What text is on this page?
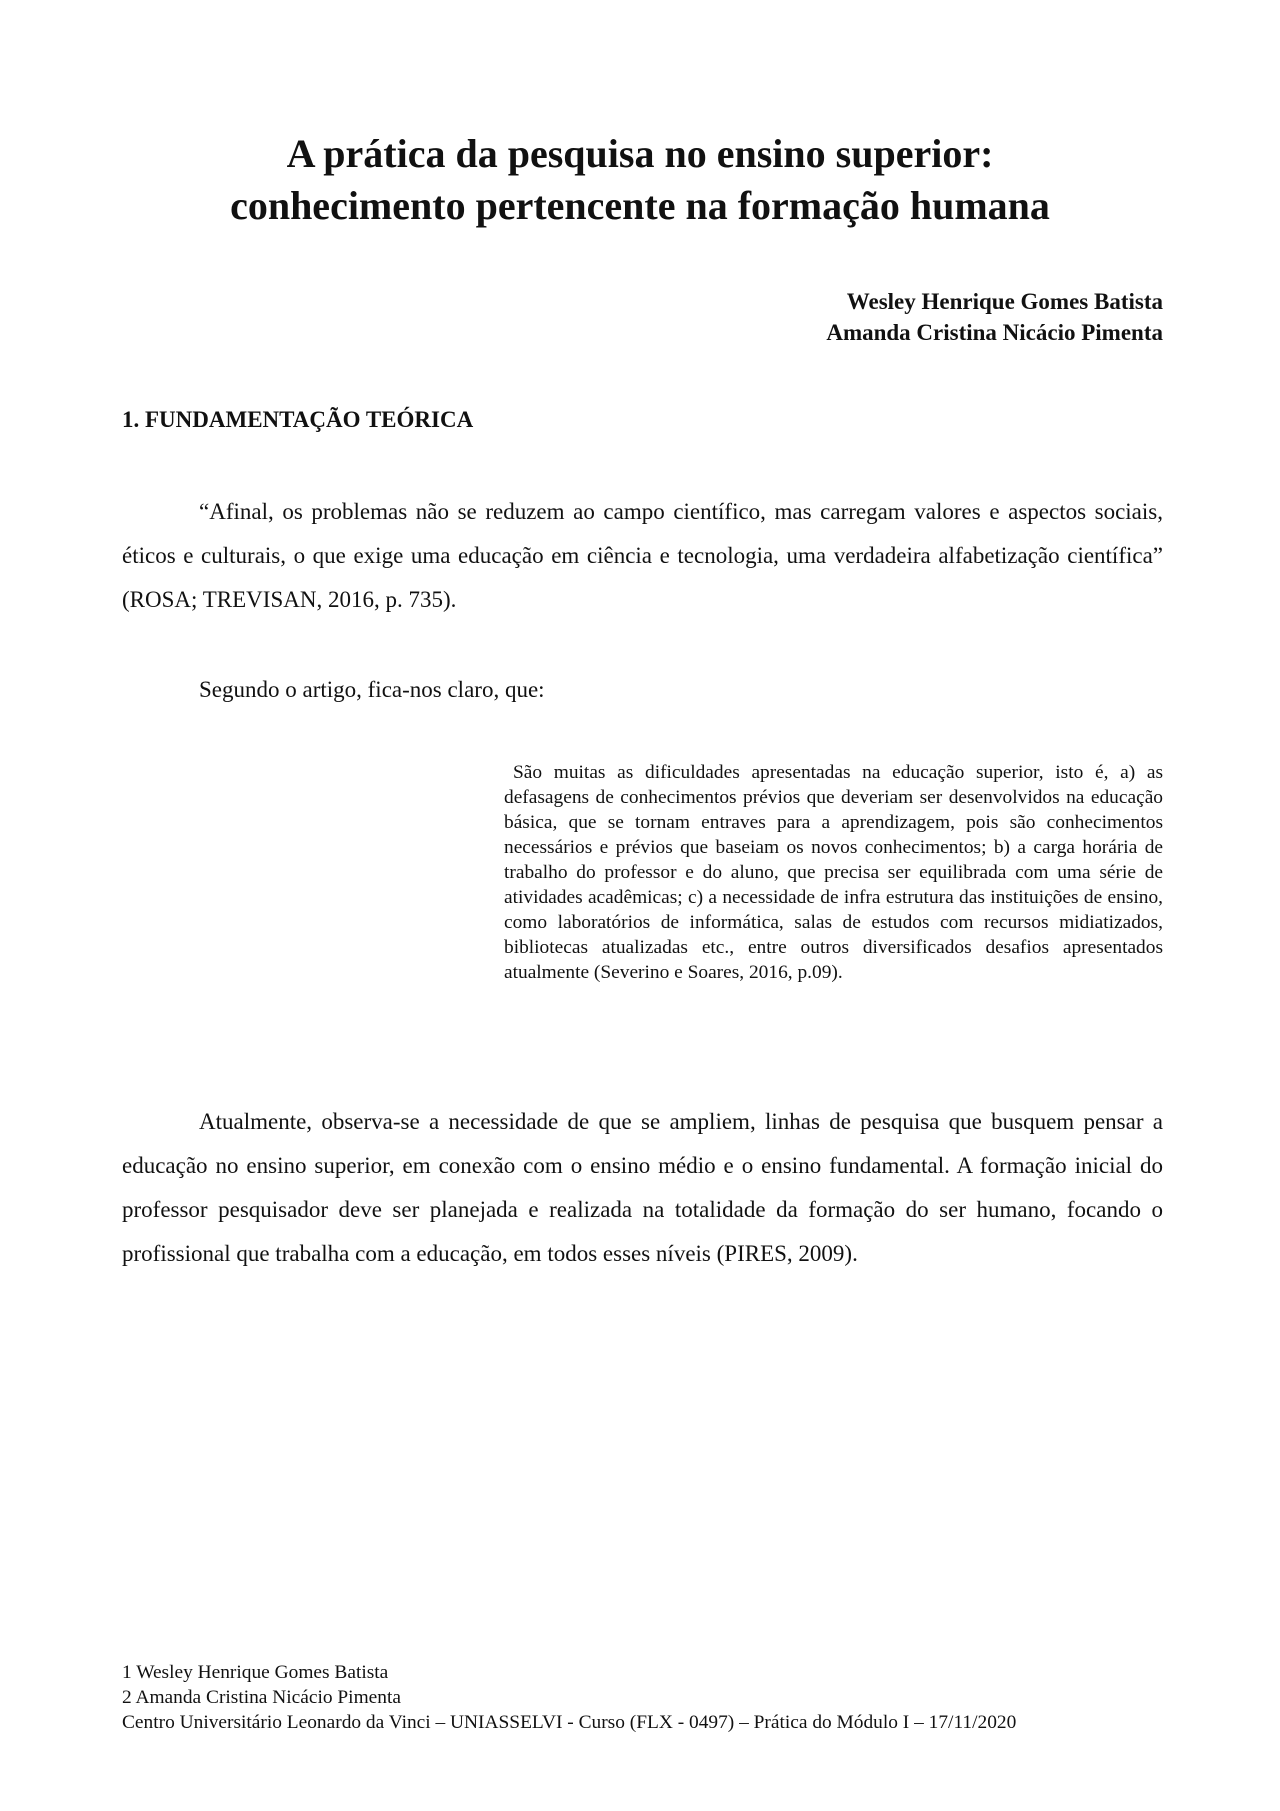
A prática da pesquisa no ensino superior:
conhecimento pertencente na formação humana
Wesley Henrique Gomes Batista
Amanda Cristina Nicácio Pimenta
1. FUNDAMENTAÇÃO TEÓRICA

“Afinal, os problemas não se reduzem ao campo científico, mas carregam valores e aspectos sociais, éticos e culturais, o que exige uma educação em ciência e tecnologia, uma verdadeira alfabetização científica” (ROSA; TREVISAN, 2016, p. 735).

Segundo o artigo, fica-nos claro, que:

São muitas as dificuldades apresentadas na educação superior, isto é, a) as defasagens de conhecimentos prévios que deveriam ser desenvolvidos na educação básica, que se tornam entraves para a aprendizagem, pois são conhecimentos necessários e prévios que baseiam os novos conhecimentos; b) a carga horária de trabalho do professor e do aluno, que precisa ser equilibrada com uma série de atividades acadêmicas; c) a necessidade de infra estrutura das instituições de ensino, como laboratórios de informática, salas de estudos com recursos midiatizados, bibliotecas atualizadas etc., entre outros diversificados desafios apresentados atualmente (Severino e Soares, 2016, p.09).

Atualmente, observa-se a necessidade de que se ampliem, linhas de pesquisa que busquem pensar a educação no ensino superior, em conexão com o ensino médio e o ensino fundamental. A formação inicial do professor pesquisador deve ser planejada e realizada na totalidade da formação do ser humano, focando o profissional que trabalha com a educação, em todos esses níveis (PIRES, 2009).

1 Wesley Henrique Gomes Batista
2 Amanda Cristina Nicácio Pimenta
Centro Universitário Leonardo da Vinci – UNIASSELVI - Curso (FLX - 0497) – Prática do Módulo I – 17/11/2020
